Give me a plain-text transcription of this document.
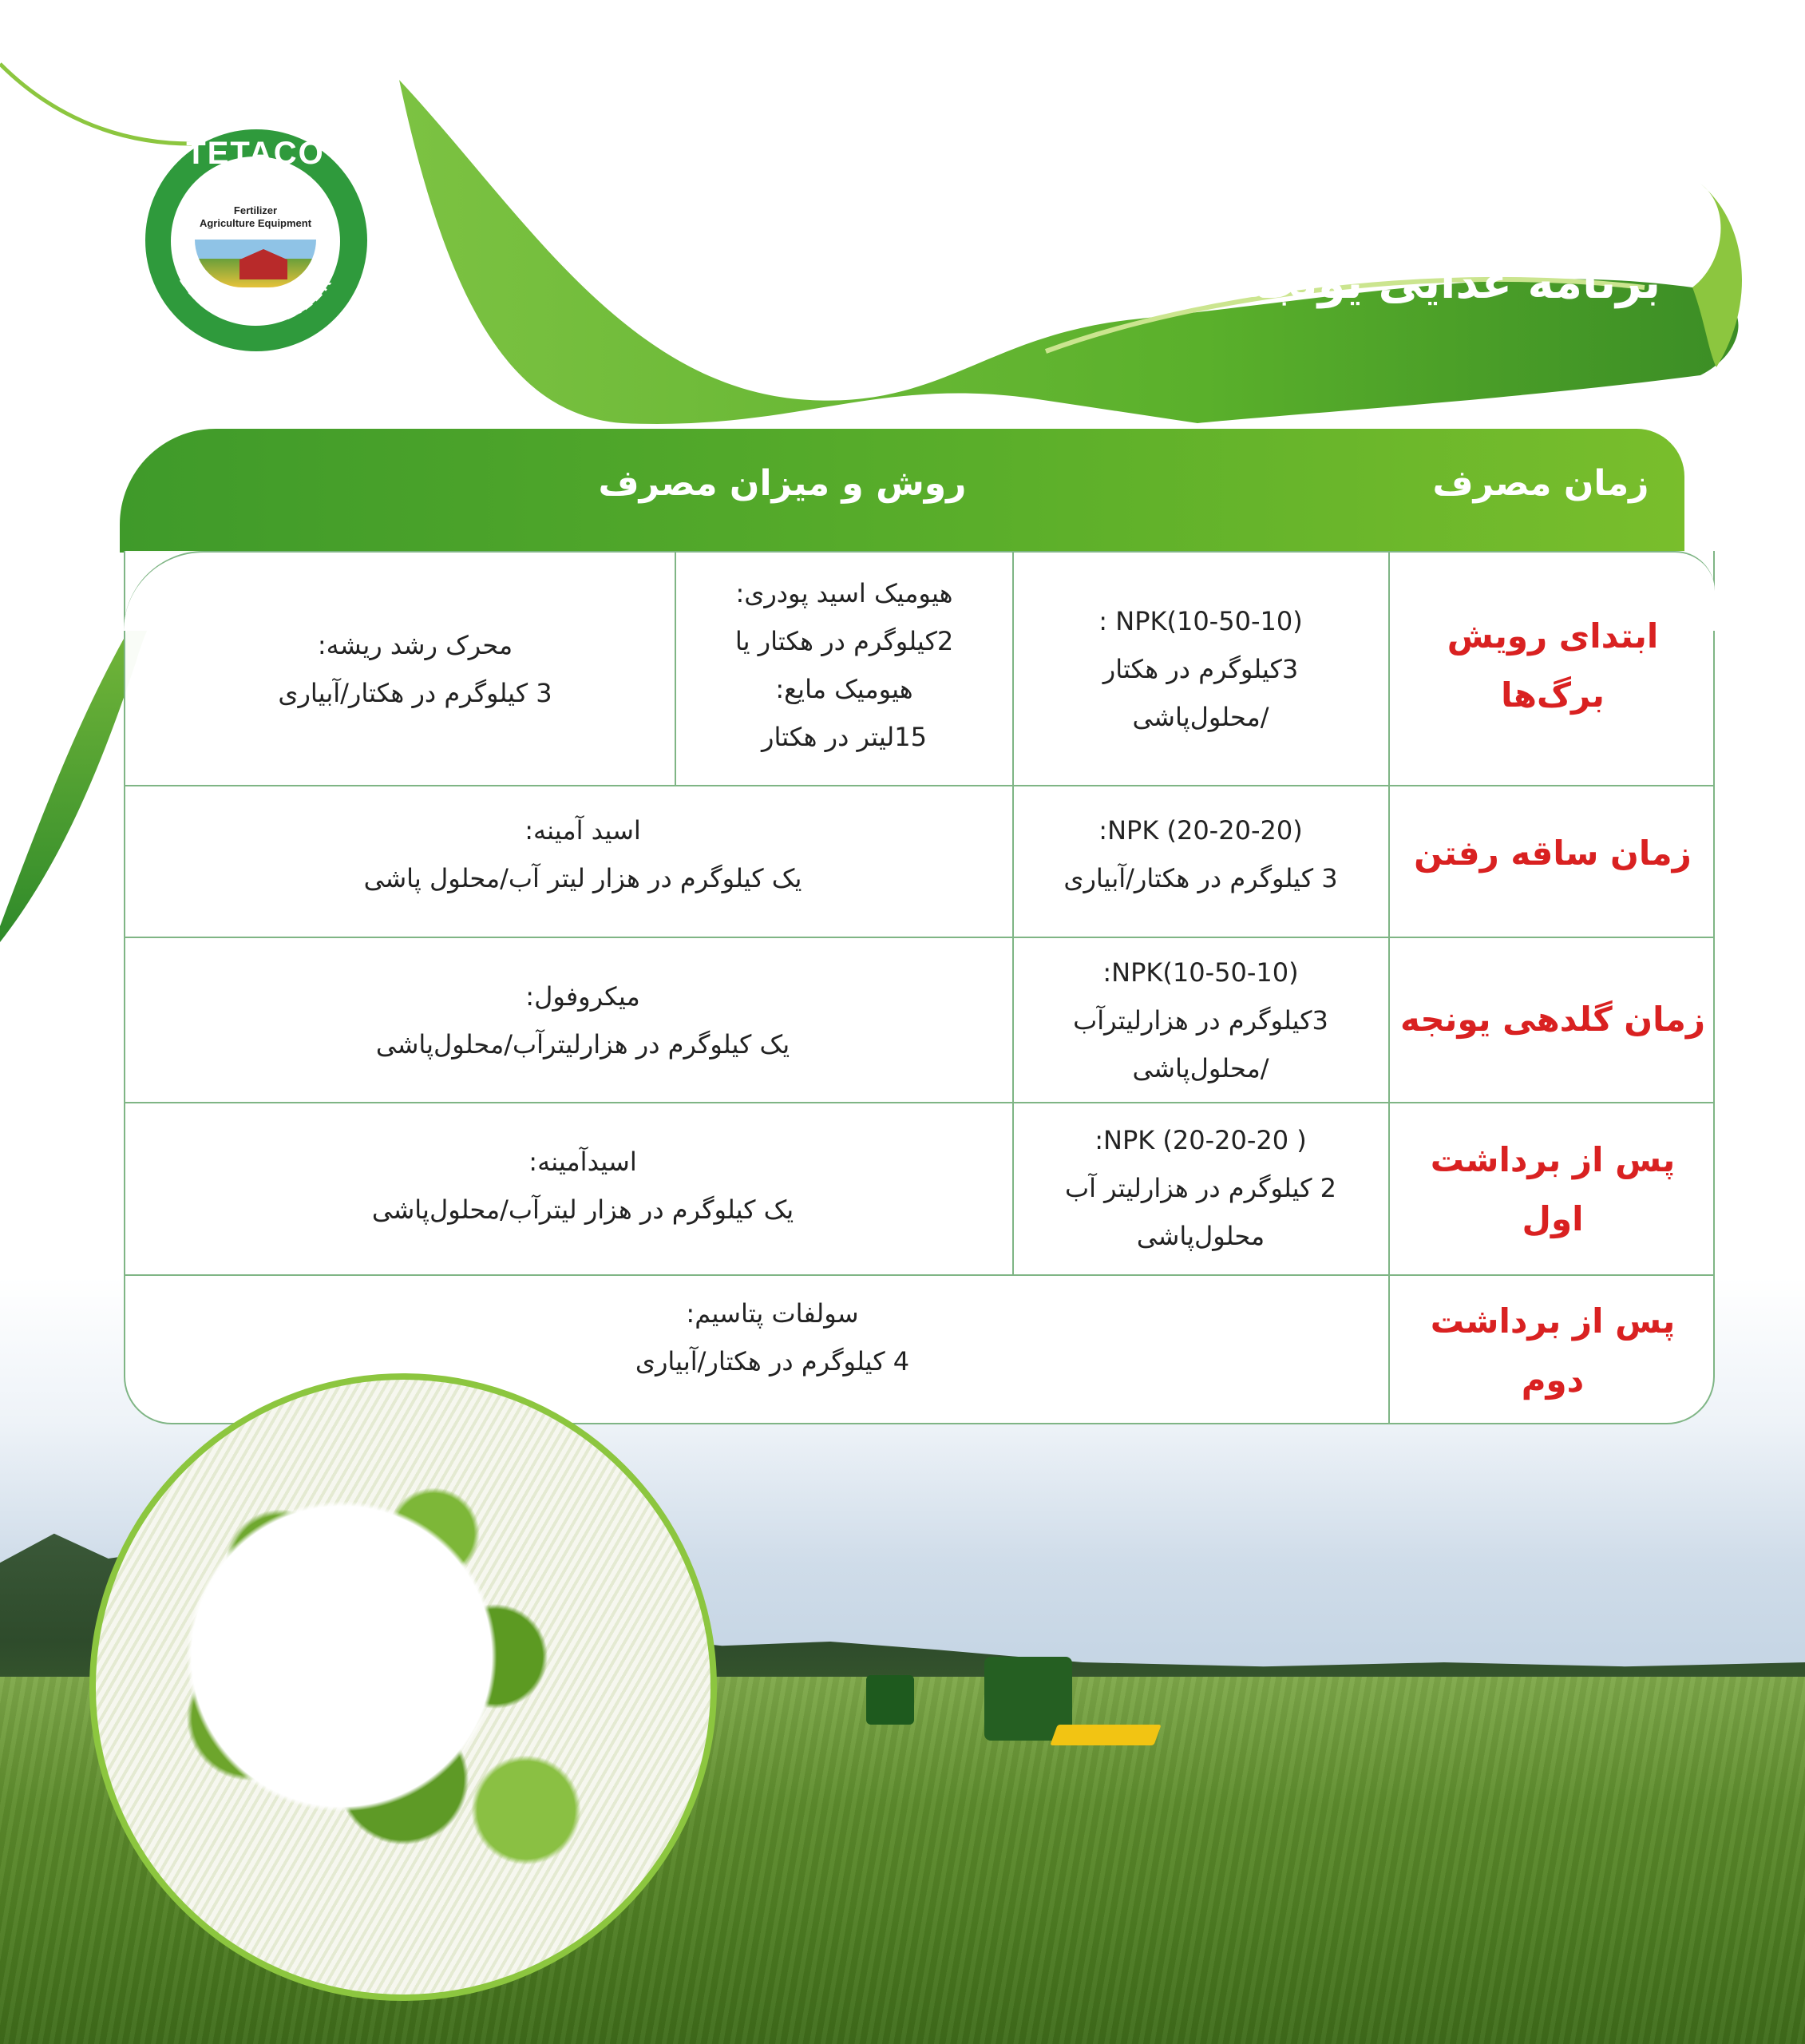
TETACO
Fertilizer
Agriculture Equipment
BEST FERTILIZER	برنامه غذایی یونجه
روش و میزان مصرف	زمان مصرف
ابتدای رویش
برگ‌ها
NPK(10-50-10) :
3کیلوگرم در هکتار
/محلول‌پاشی
هیومیک اسید پودری:
2کیلوگرم در هکتار یا
هیومیک مایع:
15لیتر در هکتار
محرک رشد ریشه:
3 کیلوگرم در هکتار/آبیاری
زمان ساقه رفتن
NPK (20-20-20):
3 کیلوگرم در هکتار/آبیاری
اسید آمینه:
یک کیلوگرم در هزار لیتر آب/محلول پاشی
زمان گلدهی یونجه
NPK(10-50-10):
3کیلوگرم در هزارلیترآب
/محلول‌پاشی
میکروفول:
یک کیلوگرم در هزارلیترآب/محلول‌پاشی
پس از برداشت
اول
NPK (20-20-20 ):
2 کیلوگرم در هزارلیتر آب
محلول‌پاشی
اسیدآمینه:
یک کیلوگرم در هزار لیترآب/محلول‌پاشی
پس از برداشت
دوم
سولفات پتاسیم:
4 کیلوگرم در هکتار/آبیاری
